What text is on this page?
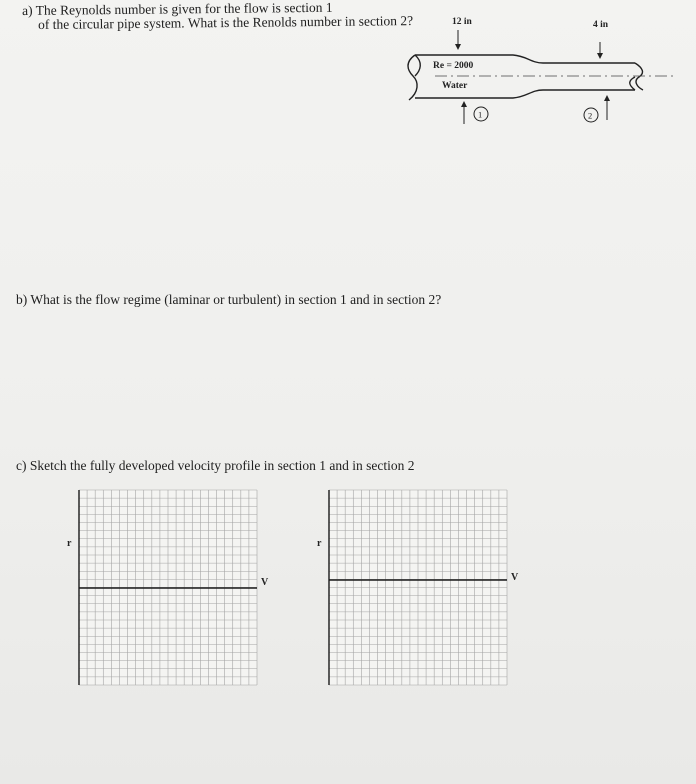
a) The Reynolds number is given for the flow is section 1
of the circular pipe system. What is the Renolds number in section 2?	12 in	4 in
Re = 2000
Water
1	2
b) What is the flow regime (laminar or turbulent) in section 1 and in section 2?
c) Sketch the fully developed velocity profile in section 1 and in section 2
r
V
r
V
